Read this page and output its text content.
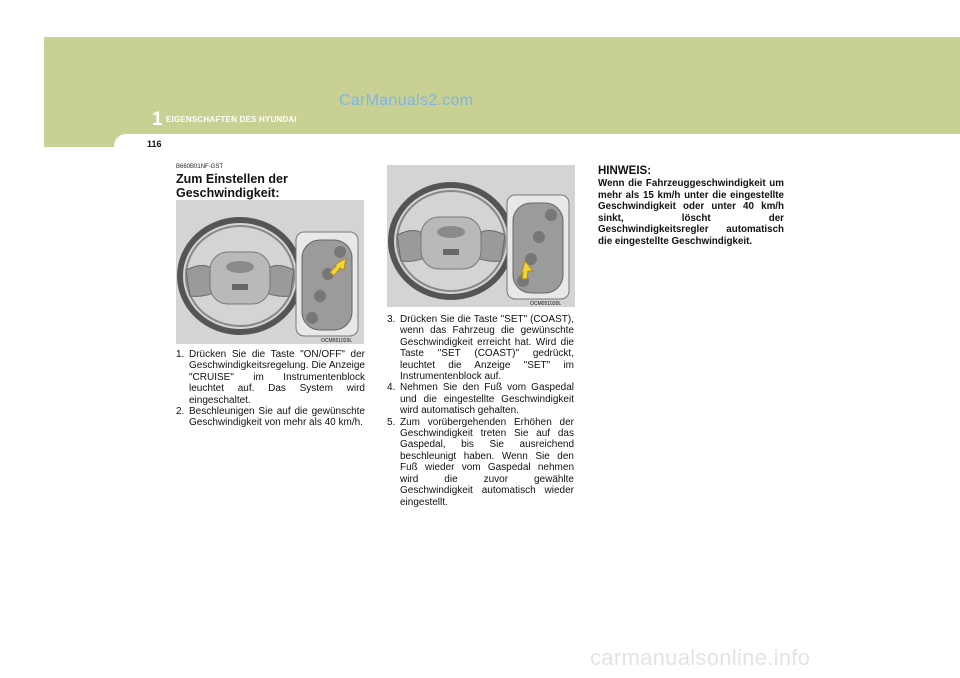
1 EIGENSCHAFTEN DES HYUNDAI
CarManuals2.com
116
B660B01NF-GST
Zum Einstellen der Geschwindigkeit:
OCM051029L
1. Drücken Sie die Taste "ON/OFF" der Geschwindigkeitsregelung. Die Anzeige "CRUISE" im Instrumentenblock leuchtet auf. Das System wird eingeschaltet.
2. Beschleunigen Sie auf die gewünschte Geschwindigkeit von mehr als 40 km/h.
OCM051030L
3. Drücken Sie die Taste "SET" (COAST), wenn das Fahrzeug die gewünschte Geschwindigkeit erreicht hat. Wird die Taste "SET (COAST)" gedrückt, leuchtet die Anzeige "SET" im Instrumentenblock auf.
4. Nehmen Sie den Fuß vom Gaspedal und die eingestellte Geschwindigkeit wird automatisch gehalten.
5. Zum vorübergehenden Erhöhen der Geschwindigkeit treten Sie auf das Gaspedal, bis Sie ausreichend beschleunigt haben. Wenn Sie den Fuß wieder vom Gaspedal nehmen wird die zuvor gewählte Geschwindigkeit automatisch wieder eingestellt.
HINWEIS:
Wenn die Fahrzeuggeschwindigkeit um mehr als 15 km/h unter die eingestellte Geschwindigkeit oder unter 40 km/h sinkt, löscht der Geschwindigkeitsregler automatisch die eingestellte Geschwindigkeit.
carmanualsonline.info
